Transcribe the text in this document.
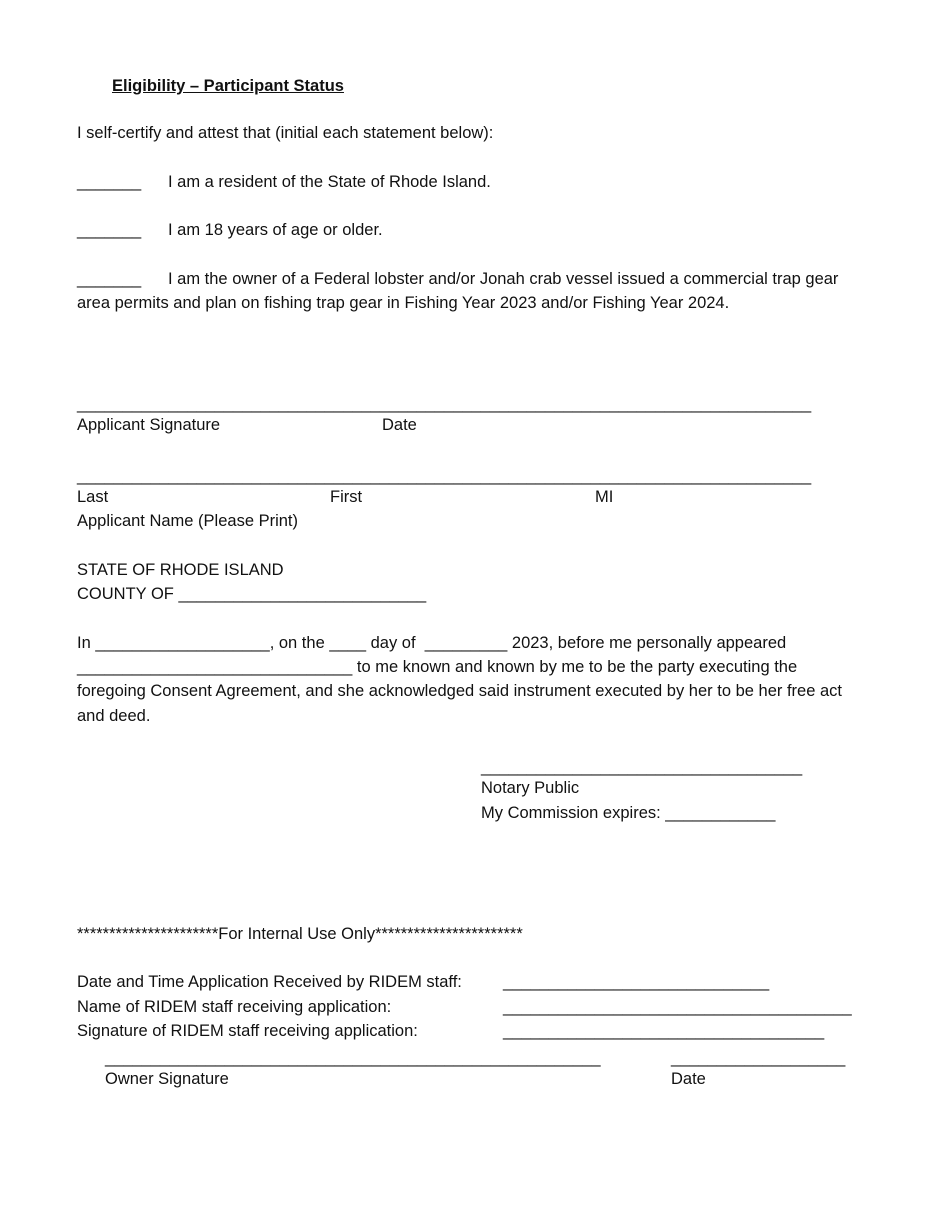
Eligibility – Participant Status
I self-certify and attest that (initial each statement below):
_______ I am a resident of the State of Rhode Island.
_______ I am 18 years of age or older.
_______ I am the owner of a Federal lobster and/or Jonah crab vessel issued a commercial trap gear
area permits and plan on fishing trap gear in Fishing Year 2023 and/or Fishing Year 2024.
________________________________________________________________________________
Applicant Signature	Date
________________________________________________________________________________
Last	First	MI
Applicant Name (Please Print)
STATE OF RHODE ISLAND
COUNTY OF ___________________________
In ___________________, on the ____ day of  _________ 2023, before me personally appeared
______________________________ to me known and known by me to be the party executing the
foregoing Consent Agreement, and she acknowledged said instrument executed by her to be her free act
and deed.
___________________________________
Notary Public
My Commission expires: ____________
**********************For Internal Use Only***********************
Date and Time Application Received by RIDEM staff: _____________________________
Name of RIDEM staff receiving application:	______________________________________
Signature of RIDEM staff receiving application:	___________________________________
______________________________________________________	___________________
Owner Signature	Date
